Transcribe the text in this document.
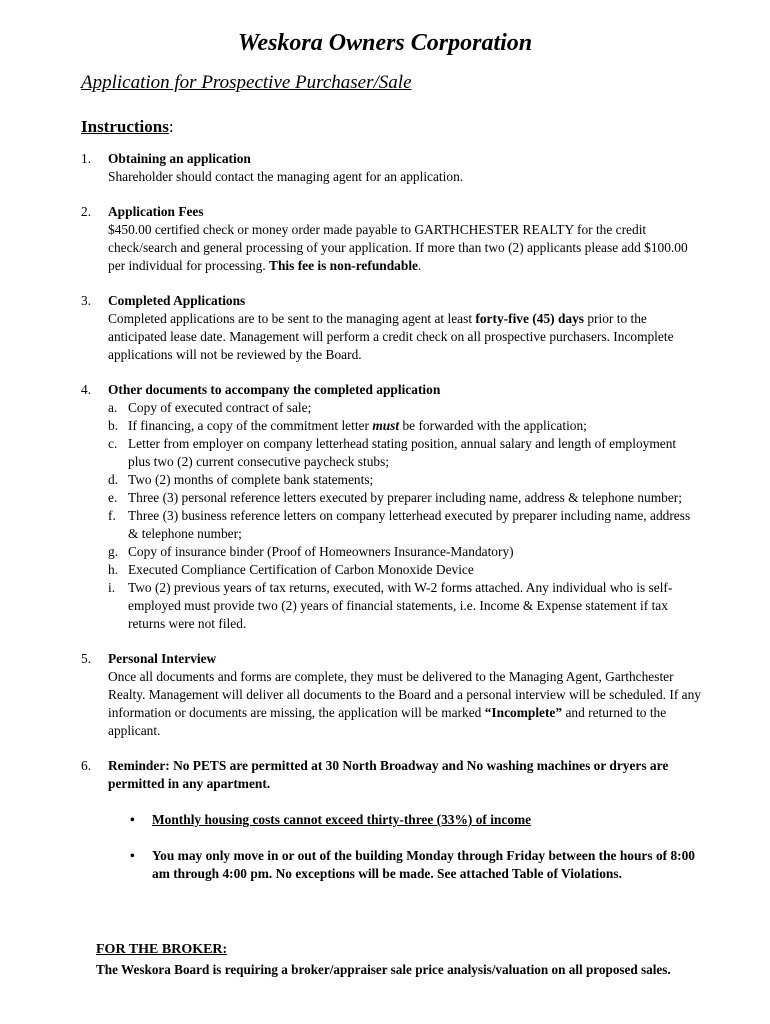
Weskora Owners Corporation
Application for Prospective Purchaser/Sale
Instructions:
1. Obtaining an application
Shareholder should contact the managing agent for an application.
2. Application Fees
$450.00 certified check or money order made payable to GARTHCHESTER REALTY for the credit check/search and general processing of your application. If more than two (2) applicants please add $100.00 per individual for processing. This fee is non-refundable.
3. Completed Applications
Completed applications are to be sent to the managing agent at least forty-five (45) days prior to the anticipated lease date. Management will perform a credit check on all prospective purchasers. Incomplete applications will not be reviewed by the Board.
4. Other documents to accompany the completed application
a. Copy of executed contract of sale;
b. If financing, a copy of the commitment letter must be forwarded with the application;
c. Letter from employer on company letterhead stating position, annual salary and length of employment plus two (2) current consecutive paycheck stubs;
d. Two (2) months of complete bank statements;
e. Three (3) personal reference letters executed by preparer including name, address & telephone number;
f. Three (3) business reference letters on company letterhead executed by preparer including name, address & telephone number;
g. Copy of insurance binder (Proof of Homeowners Insurance-Mandatory)
h. Executed Compliance Certification of Carbon Monoxide Device
i. Two (2) previous years of tax returns, executed, with W-2 forms attached. Any individual who is self-employed must provide two (2) years of financial statements, i.e. Income & Expense statement if tax returns were not filed.
5. Personal Interview
Once all documents and forms are complete, they must be delivered to the Managing Agent, Garthchester Realty. Management will deliver all documents to the Board and a personal interview will be scheduled. If any information or documents are missing, the application will be marked “Incomplete” and returned to the applicant.
6. Reminder: No PETS are permitted at 30 North Broadway and No washing machines or dryers are permitted in any apartment.
• Monthly housing costs cannot exceed thirty-three (33%) of income
• You may only move in or out of the building Monday through Friday between the hours of 8:00 am through 4:00 pm. No exceptions will be made. See attached Table of Violations.
FOR THE BROKER:
The Weskora Board is requiring a broker/appraiser sale price analysis/valuation on all proposed sales.
